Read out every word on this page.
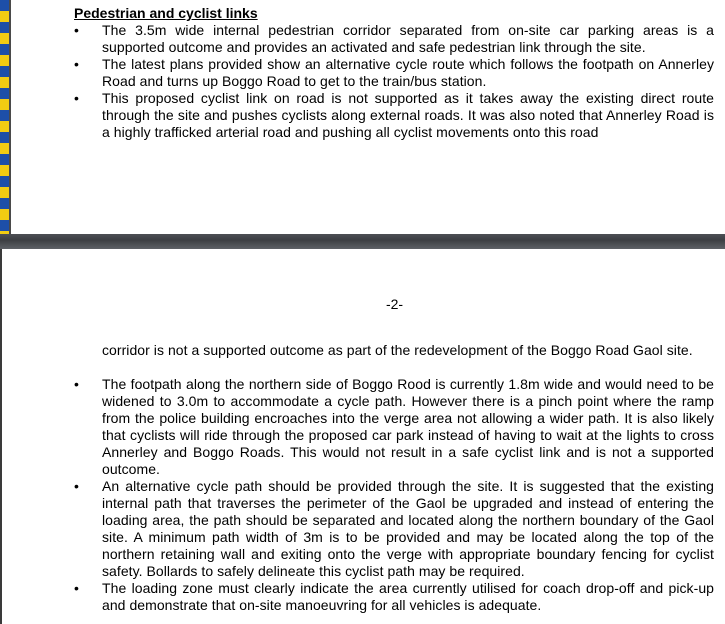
Pedestrian and cyclist links
• The 3.5m wide internal pedestrian corridor separated from on-site car parking areas is a supported outcome and provides an activated and safe pedestrian link through the site.
• The latest plans provided show an alternative cycle route which follows the footpath on Annerley Road and turns up Boggo Road to get to the train/bus station.
• This proposed cyclist link on road is not supported as it takes away the existing direct route through the site and pushes cyclists along external roads. It was also noted that Annerley Road is a highly trafficked arterial road and pushing all cyclist movements onto this road
-2-
corridor is not a supported outcome as part of the redevelopment of the Boggo Road Gaol site.
• The footpath along the northern side of Boggo Rood is currently 1.8m wide and would need to be widened to 3.0m to accommodate a cycle path. However there is a pinch point where the ramp from the police building encroaches into the verge area not allowing a wider path. It is also likely that cyclists will ride through the proposed car park instead of having to wait at the lights to cross Annerley and Boggo Roads. This would not result in a safe cyclist link and is not a supported outcome.
• An alternative cycle path should be provided through the site. It is suggested that the existing internal path that traverses the perimeter of the Gaol be upgraded and instead of entering the loading area, the path should be separated and located along the northern boundary of the Gaol site. A minimum path width of 3m is to be provided and may be located along the top of the northern retaining wall and exiting onto the verge with appropriate boundary fencing for cyclist safety. Bollards to safely delineate this cyclist path may be required.
• The loading zone must clearly indicate the area currently utilised for coach drop-off and pick-up and demonstrate that on-site manoeuvring for all vehicles is adequate.
